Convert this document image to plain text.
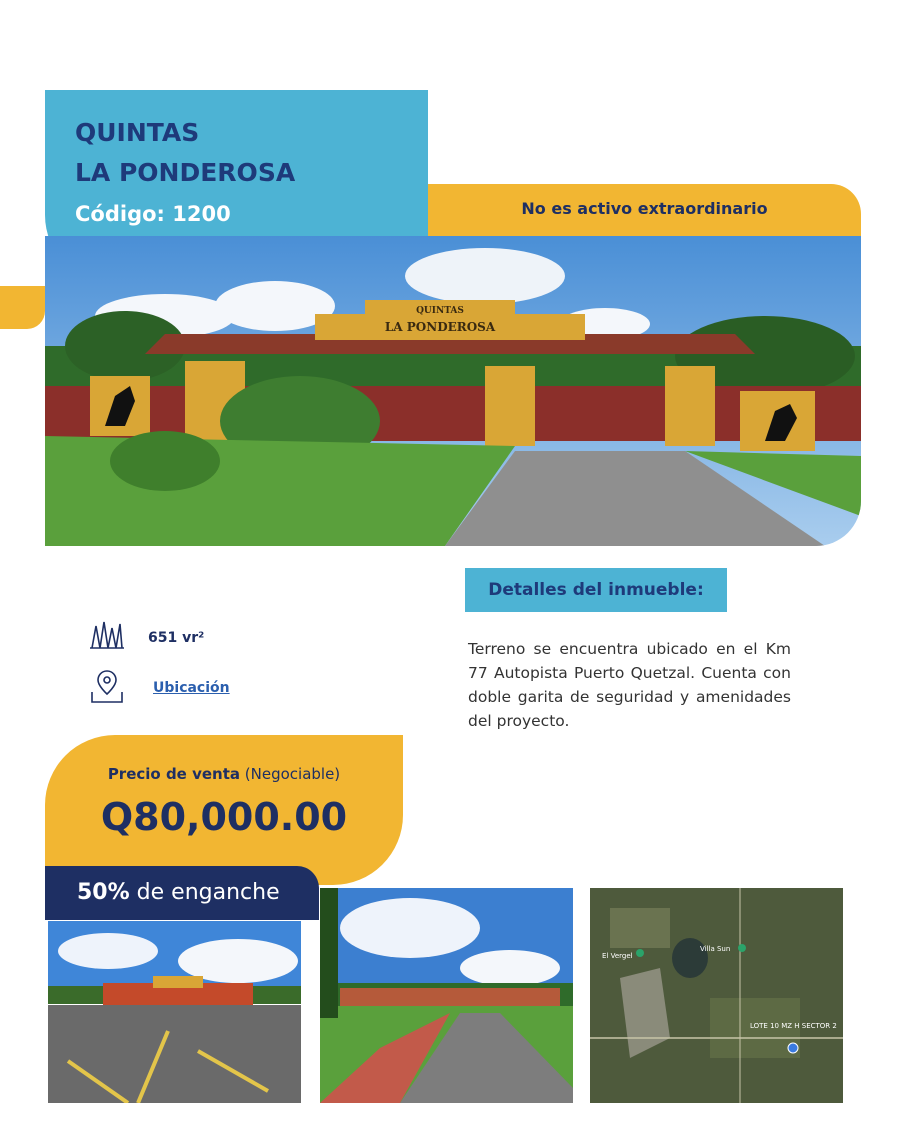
QUINTAS
LA PONDEROSA
Código: 1200	No es activo extraordinario
QUINTAS
LA PONDEROSA
Detalles del inmueble:
Terreno se encuentra ubicado en el Km 77 Autopista Puerto Quetzal. Cuenta con doble garita de seguridad y amenidades del proyecto.
651 vr²
Ubicación
Precio de venta (Negociable)
Q80,000.00
50% de enganche
El Vergel
Villa Sun
LOTE 10 MZ H SECTOR 2
